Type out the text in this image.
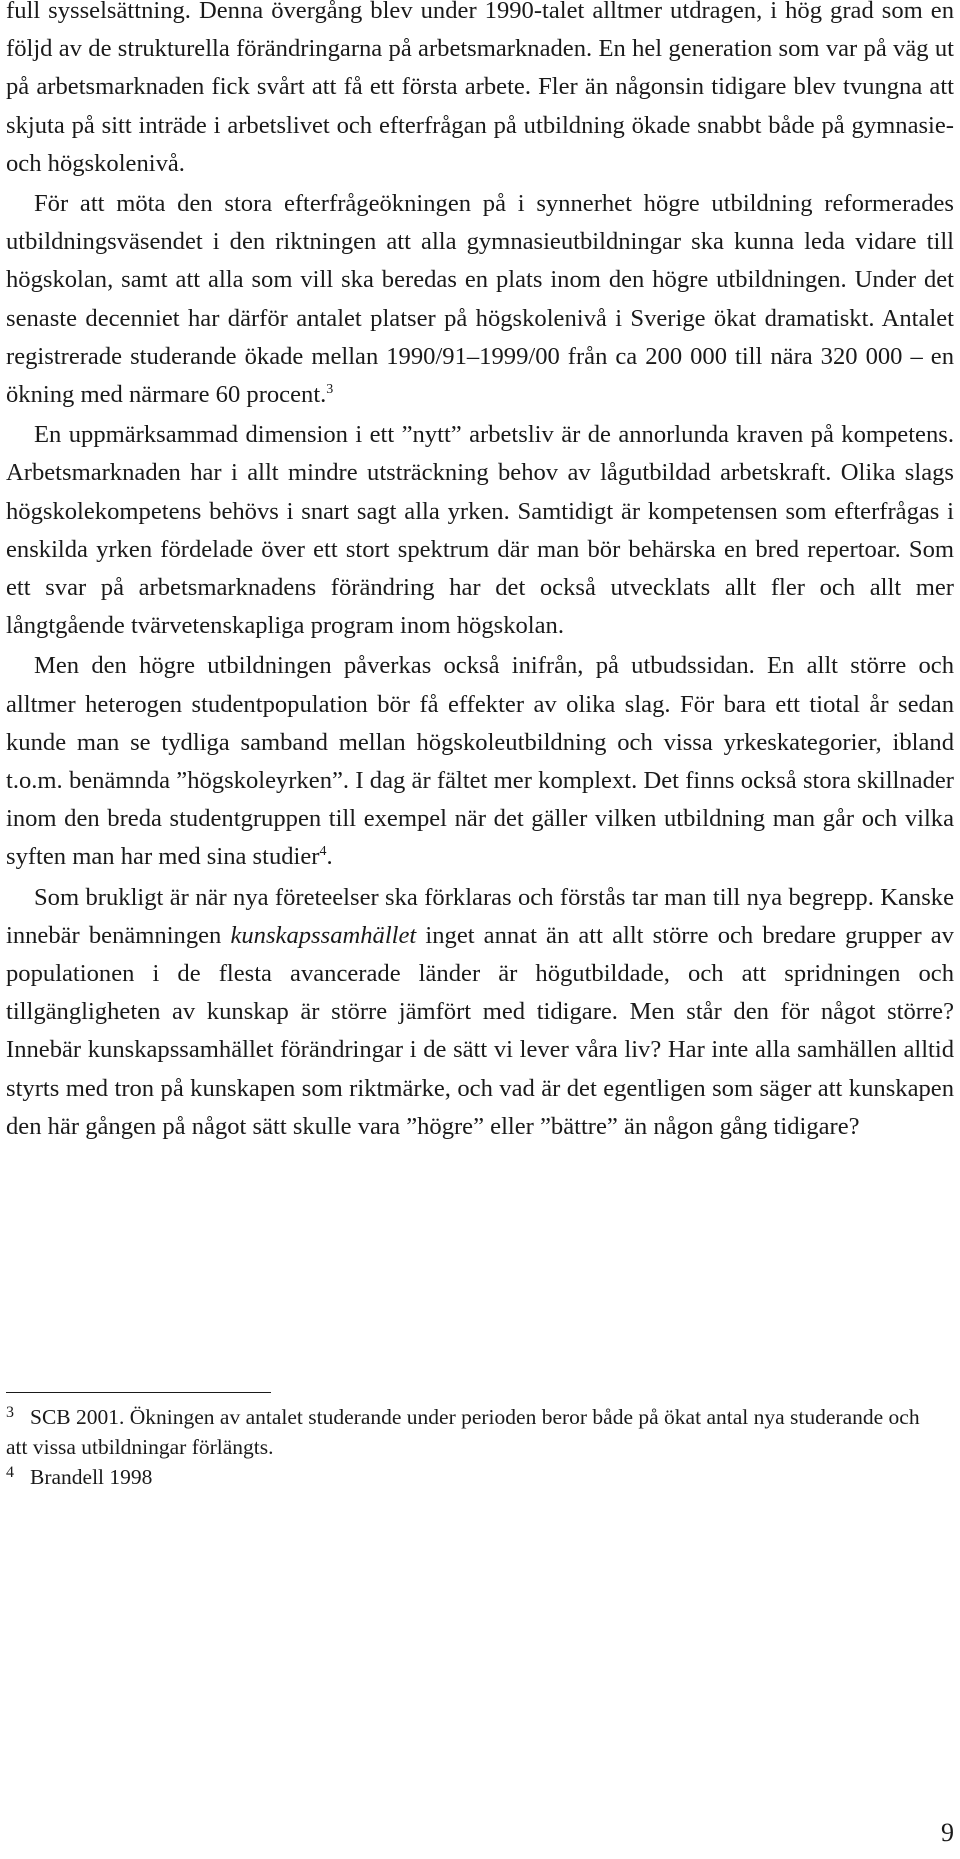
full sysselsättning. Denna övergång blev under 1990-talet alltmer utdragen, i hög grad som en följd av de strukturella förändringarna på arbetsmarknaden. En hel generation som var på väg ut på arbetsmarknaden fick svårt att få ett första arbete. Fler än någonsin tidigare blev tvungna att skjuta på sitt inträde i arbetslivet och efterfrågan på utbildning ökade snabbt både på gymnasie- och högskolenivå.

För att möta den stora efterfrågeökningen på i synnerhet högre utbildning reformerades utbildningsväsendet i den riktningen att alla gymnasieutbildningar ska kunna leda vidare till högskolan, samt att alla som vill ska beredas en plats inom den högre utbildningen. Under det senaste decenniet har därför antalet platser på högskolenivå i Sverige ökat dramatiskt. Antalet registrerade studerande ökade mellan 1990/91–1999/00 från ca 200 000 till nära 320 000 – en ökning med närmare 60 procent.$^3$

En uppmärksammad dimension i ett ”nytt” arbetsliv är de annorlunda kraven på kompetens. Arbetsmarknaden har i allt mindre utsträckning behov av lågutbildad arbetskraft. Olika slags högskolekompetens behövs i snart sagt alla yrken. Samtidigt är kompetensen som efterfrågas i enskilda yrken fördelade över ett stort spektrum där man bör behärska en bred repertoar. Som ett svar på arbetsmarknadens förändring har det också utvecklats allt fler och allt mer långtgående tvärvetenskapliga program inom högskolan.

Men den högre utbildningen påverkas också inifrån, på utbudssidan. En allt större och alltmer heterogen studentpopulation bör få effekter av olika slag. För bara ett tiotal år sedan kunde man se tydliga samband mellan högskoleutbildning och vissa yrkeskategorier, ibland t.o.m. benämnda ”högskoleyrken”. I dag är fältet mer komplext. Det finns också stora skillnader inom den breda studentgruppen till exempel när det gäller vilken utbildning man går och vilka syften man har med sina studier$^4$.

Som brukligt är när nya företeelser ska förklaras och förstås tar man till nya begrepp. Kanske innebär benämningen kunskapssamhället inget annat än att allt större och bredare grupper av populationen i de flesta avancerade länder är högutbildade, och att spridningen och tillgängligheten av kunskap är större jämfört med tidigare. Men står den för något större? Innebär kunskapssamhället förändringar i de sätt vi lever våra liv? Har inte alla samhällen alltid styrts med tron på kunskapen som riktmärke, och vad är det egentligen som säger att kunskapen den här gången på något sätt skulle vara ”högre” eller ”bättre” än någon gång tidigare?

3 SCB 2001. Ökningen av antalet studerande under perioden beror både på ökat antal nya studerande och att vissa utbildningar förlängts.

4 Brandell 1998

9
